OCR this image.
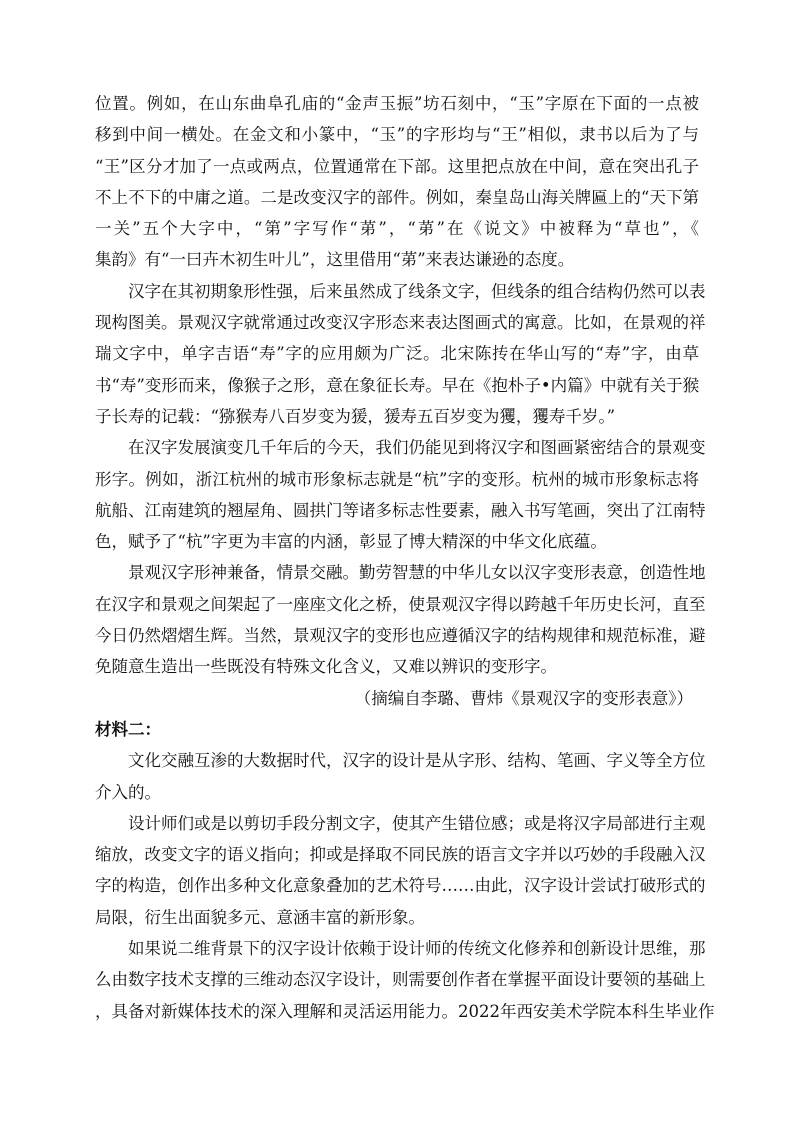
位置。例如，在山东曲阜孔庙的“金声玉振”坊石刻中，“玉”字原在下面的一点被
移到中间一横处。在金文和小篆中，“玉”的字形均与“王”相似，隶书以后为了与
“王”区分才加了一点或两点，位置通常在下部。这里把点放在中间，意在突出孔子
不上不下的中庸之道。二是改变汉字的部件。例如，秦皇岛山海关牌匾上的“天下第
一关”五个大字中，“第”字写作“苐”，“苐”在《说文》中被释为“草也”，《
集韵》有“一曰卉木初生叶儿”，这里借用“苐”来表达谦逊的态度。
汉字在其初期象形性强，后来虽然成了线条文字，但线条的组合结构仍然可以表
现构图美。景观汉字就常通过改变汉字形态来表达图画式的寓意。比如，在景观的祥
瑞文字中，单字吉语“寿”字的应用颇为广泛。北宋陈抟在华山写的“寿”字，由草
书“寿”变形而来，像猴子之形，意在象征长寿。早在《抱朴子•内篇》中就有关于猴
子长寿的记载：“猕猴寿八百岁变为猨，猨寿五百岁变为玃，玃寿千岁。”
在汉字发展演变几千年后的今天，我们仍能见到将汉字和图画紧密结合的景观变
形字。例如，浙江杭州的城市形象标志就是“杭”字的变形。杭州的城市形象标志将
航船、江南建筑的翘屋角、圆拱门等诸多标志性要素，融入书写笔画，突出了江南特
色，赋予了“杭”字更为丰富的内涵，彰显了博大精深的中华文化底蕴。
景观汉字形神兼备，情景交融。勤劳智慧的中华儿女以汉字变形表意，创造性地
在汉字和景观之间架起了一座座文化之桥，使景观汉字得以跨越千年历史长河，直至
今日仍然熠熠生辉。当然，景观汉字的变形也应遵循汉字的结构规律和规范标准，避
免随意生造出一些既没有特殊文化含义，又难以辨识的变形字。
（摘编自李璐、曹炜《景观汉字的变形表意》）
材料二：
文化交融互渗的大数据时代，汉字的设计是从字形、结构、笔画、字义等全方位
介入的。
设计师们或是以剪切手段分割文字，使其产生错位感；或是将汉字局部进行主观
缩放，改变文字的语义指向；抑或是择取不同民族的语言文字并以巧妙的手段融入汉
字的构造，创作出多种文化意象叠加的艺术符号……由此，汉字设计尝试打破形式的
局限，衍生出面貌多元、意涵丰富的新形象。
如果说二维背景下的汉字设计依赖于设计师的传统文化修养和创新设计思维，那
么由数字技术支撑的三维动态汉字设计，则需要创作者在掌握平面设计要领的基础上
，具备对新媒体技术的深入理解和灵活运用能力。2022年西安美术学院本科生毕业作
